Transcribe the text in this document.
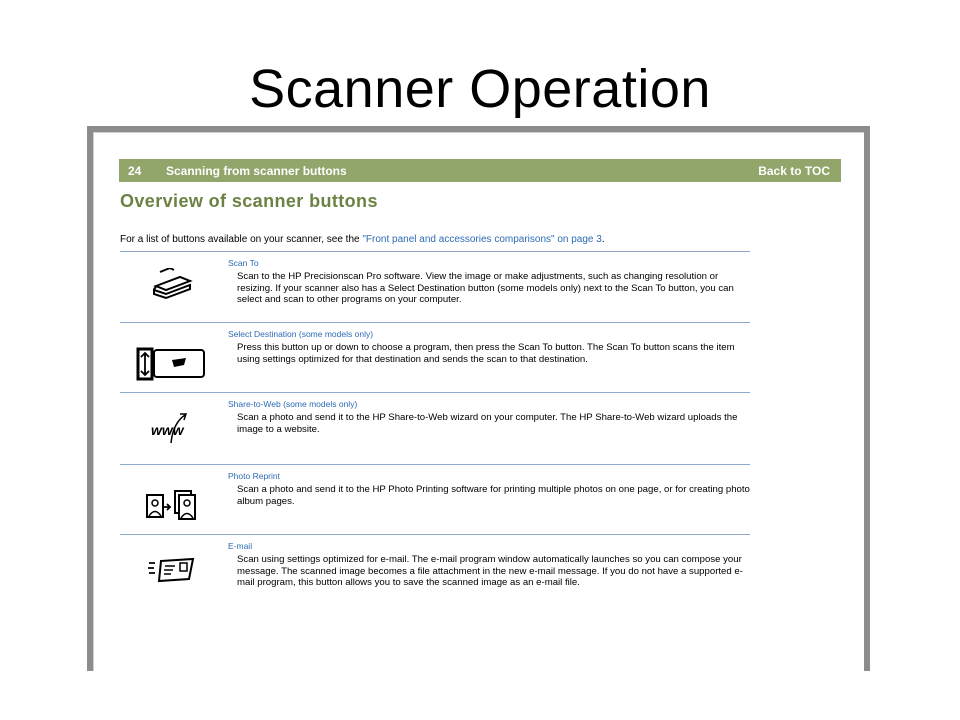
Scanner Operation
24	Scanning from scanner buttons	Back to TOC
Overview of scanner buttons
For a list of buttons available on your scanner, see the "Front panel and accessories comparisons" on page 3.
Scan To
Scan to the HP Precisionscan Pro software. View the image or make adjustments, such as changing resolution or resizing. If your scanner also has a Select Destination button (some models only) next to the Scan To button, you can select and scan to other programs on your computer.
Select Destination (some models only)
Press this button up or down to choose a program, then press the Scan To button. The Scan To button scans the item using settings optimized for that destination and sends the scan to that destination.
www
Share-to-Web (some models only)
Scan a photo and send it to the HP Share-to-Web wizard on your computer. The HP Share-to-Web wizard uploads the image to a website.
Photo Reprint
Scan a photo and send it to the HP Photo Printing software for printing multiple photos on one page, or for creating photo album pages.
E-mail
Scan using settings optimized for e-mail. The e-mail program window automatically launches so you can compose your message. The scanned image becomes a file attachment in the new e-mail message. If you do not have a supported e-mail program, this button allows you to save the scanned image as an e-mail file.
